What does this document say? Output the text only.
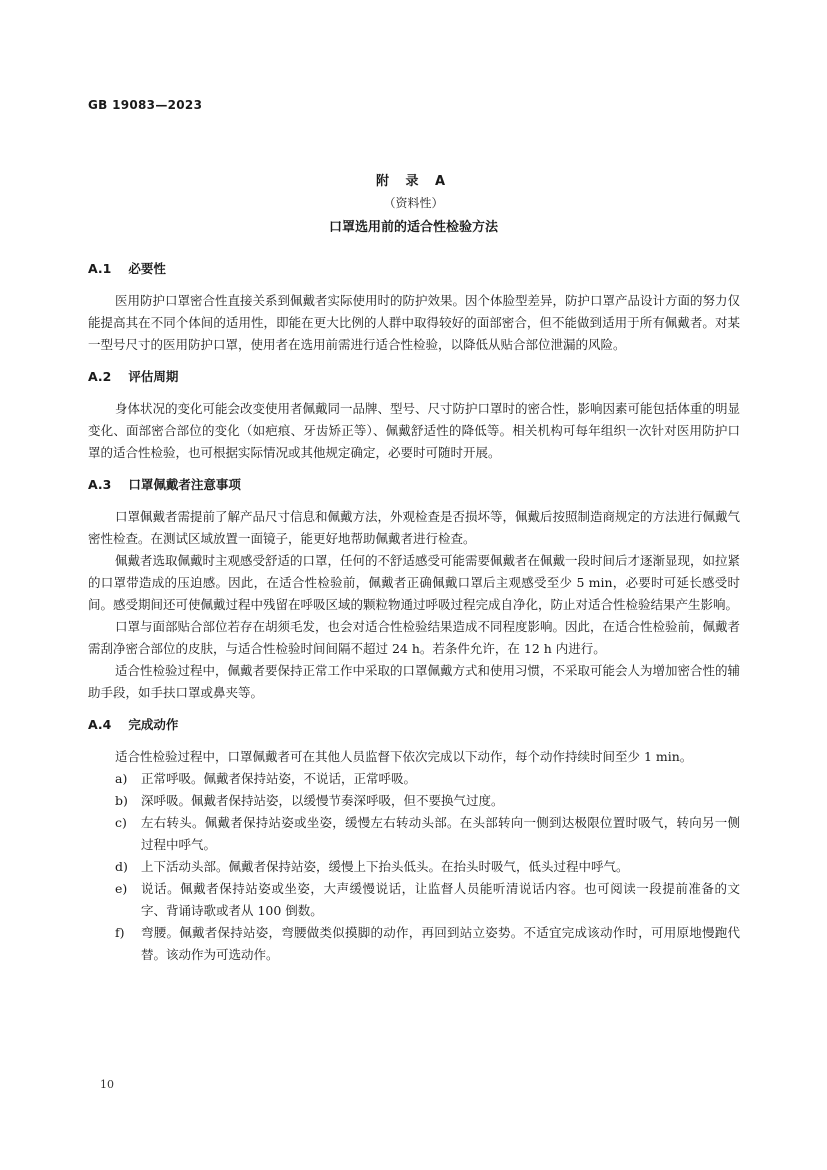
GB 19083—2023
附 录 A
（资料性）
口罩选用前的适合性检验方法
A.1 必要性

医用防护口罩密合性直接关系到佩戴者实际使用时的防护效果。因个体脸型差异，防护口罩产品设计方面的努力仅能提高其在不同个体间的适用性，即能在更大比例的人群中取得较好的面部密合，但不能做到适用于所有佩戴者。对某一型号尺寸的医用防护口罩，使用者在选用前需进行适合性检验，以降低从贴合部位泄漏的风险。

A.2 评估周期

身体状况的变化可能会改变使用者佩戴同一品牌、型号、尺寸防护口罩时的密合性，影响因素可能包括体重的明显变化、面部密合部位的变化（如疤痕、牙齿矫正等）、佩戴舒适性的降低等。相关机构可每年组织一次针对医用防护口罩的适合性检验，也可根据实际情况或其他规定确定，必要时可随时开展。

A.3 口罩佩戴者注意事项

口罩佩戴者需提前了解产品尺寸信息和佩戴方法，外观检查是否损坏等，佩戴后按照制造商规定的方法进行佩戴气密性检查。在测试区域放置一面镜子，能更好地帮助佩戴者进行检查。

佩戴者选取佩戴时主观感受舒适的口罩，任何的不舒适感受可能需要佩戴者在佩戴一段时间后才逐渐显现，如拉紧的口罩带造成的压迫感。因此，在适合性检验前，佩戴者正确佩戴口罩后主观感受至少 5 min，必要时可延长感受时间。感受期间还可使佩戴过程中残留在呼吸区域的颗粒物通过呼吸过程完成自净化，防止对适合性检验结果产生影响。

口罩与面部贴合部位若存在胡须毛发，也会对适合性检验结果造成不同程度影响。因此，在适合性检验前，佩戴者需刮净密合部位的皮肤，与适合性检验时间间隔不超过 24 h。若条件允许，在 12 h 内进行。

适合性检验过程中，佩戴者要保持正常工作中采取的口罩佩戴方式和使用习惯，不采取可能会人为增加密合性的辅助手段，如手扶口罩或鼻夹等。

A.4 完成动作

适合性检验过程中，口罩佩戴者可在其他人员监督下依次完成以下动作，每个动作持续时间至少 1 min。

a)	正常呼吸。佩戴者保持站姿，不说话，正常呼吸。
b)	深呼吸。佩戴者保持站姿，以缓慢节奏深呼吸，但不要换气过度。
c)	左右转头。佩戴者保持站姿或坐姿，缓慢左右转动头部。在头部转向一侧到达极限位置时吸气，转向另一侧过程中呼气。
d)	上下活动头部。佩戴者保持站姿，缓慢上下抬头低头。在抬头时吸气，低头过程中呼气。
e)	说话。佩戴者保持站姿或坐姿，大声缓慢说话，让监督人员能听清说话内容。也可阅读一段提前准备的文字、背诵诗歌或者从 100 倒数。
f)	弯腰。佩戴者保持站姿，弯腰做类似摸脚的动作，再回到站立姿势。不适宜完成该动作时，可用原地慢跑代替。该动作为可选动作。
10
